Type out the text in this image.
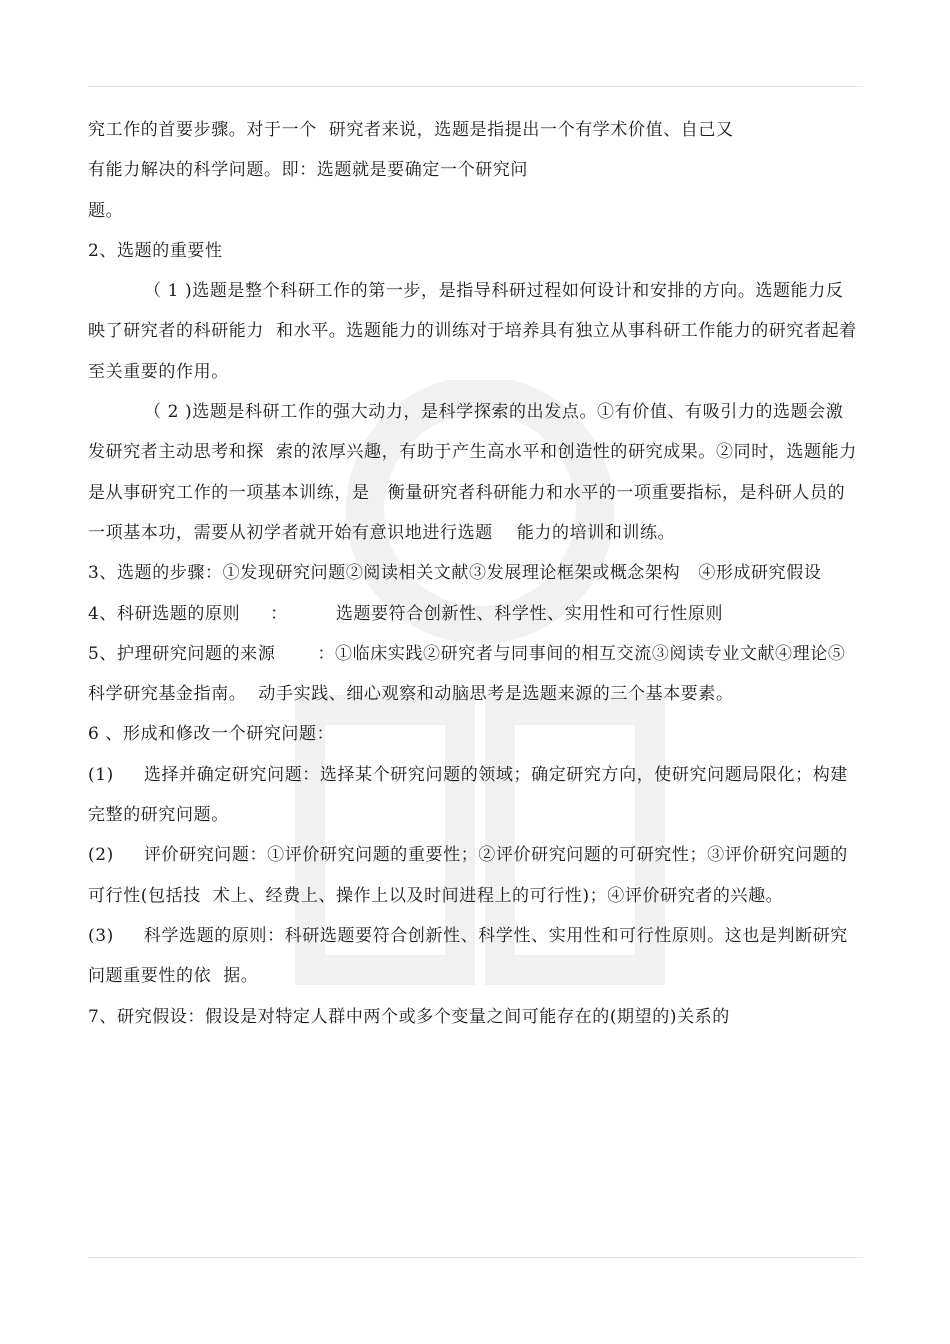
究工作的首要步骤。对于一个  研究者来说，选题是指提出一个有学术价值、自己又

有能力解决的科学问题。即：选题就是要确定一个研究问

题。

2、选题的重要性

（ 1 )选题是整个科研工作的第一步，是指导科研过程如何设计和安排的方向。选题能力反映了研究者的科研能力  和水平。选题能力的训练对于培养具有独立从事科研工作能力的研究者起着至关重要的作用。

（ 2 )选题是科研工作的强大动力，是科学探索的出发点。①有价值、有吸引力的选题会激发研究者主动思考和探  索的浓厚兴趣，有助于产生高水平和创造性的研究成果。②同时，选题能力是从事研究工作的一项基本训练，是   衡量研究者科研能力和水平的一项重要指标，是科研人员的一项基本功，需要从初学者就开始有意识地进行选题    能力的培训和训练。

3、选题的步骤：①发现研究问题②阅读相关文献③发展理论框架或概念架构   ④形成研究假设

4、科研选题的原则     ：        选题要符合创新性、科学性、实用性和可行性原则

5、护理研究问题的来源       ：①临床实践②研究者与同事间的相互交流③阅读专业文献④理论⑤科学研究基金指南。  动手实践、细心观察和动脑思考是选题来源的三个基本要素。

6 、形成和修改一个研究问题：

(1)     选择并确定研究问题：选择某个研究问题的领域；确定研究方向，使研究问题局限化；构建完整的研究问题。

(2)     评价研究问题：①评价研究问题的重要性；②评价研究问题的可研究性；③评价研究问题的可行性(包括技  术上、经费上、操作上以及时间进程上的可行性)；④评价研究者的兴趣。

(3)     科学选题的原则：科研选题要符合创新性、科学性、实用性和可行性原则。这也是判断研究问题重要性的依  据。

7、研究假设：假设是对特定人群中两个或多个变量之间可能存在的(期望的)关系的
